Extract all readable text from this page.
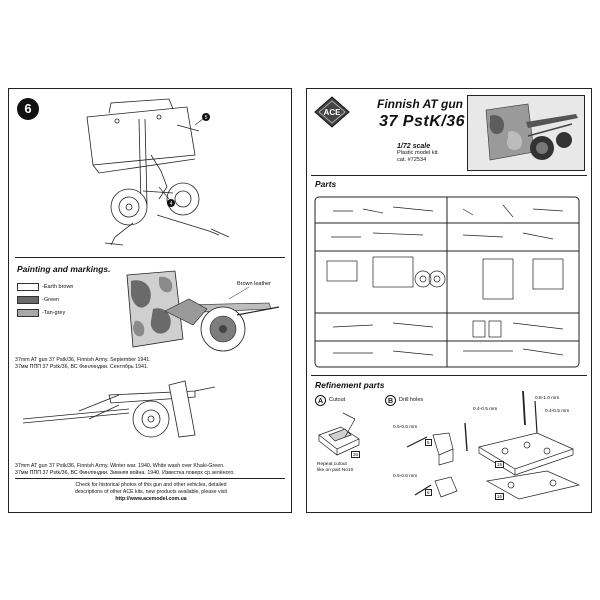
6
5
4
Painting and markings.
-Earth brown
-Green
-Tan-grey
Brown leather
37mm AT gun 37 Pstk/36, Finnish Army. September 1941.
37мм ППП 37 Pstk/36, ВС Финляндии. Сентябрь 1941.
37mm AT gun 37 Pstk/36, Finnish Army. Winter war. 1940. White wash over Khaki-Green.
37мм ППП 37 Pstk/36, ВС Финляндии. Зимняя война. 1940. Известка поверх ср.зелёного.
Check for historical photos of this gun and other vehicles, detailed
descriptions of other ACE kits, new products available, please visit
http://www.acemodel.com.ua
ACE
Finnish AT gun
37 PstK/36
1/72 scale
Plastic model kit.
cat. #72534
Parts
Refinement parts
A	Cutout
26
Repeat cutout
like on part No10
B	Drill holes
0.5-0.6 mm
0.5-0.6 mm
0.4-0.5 mm
0.8-1.0 mm
0.4-0.5 mm
5
6
15
16
